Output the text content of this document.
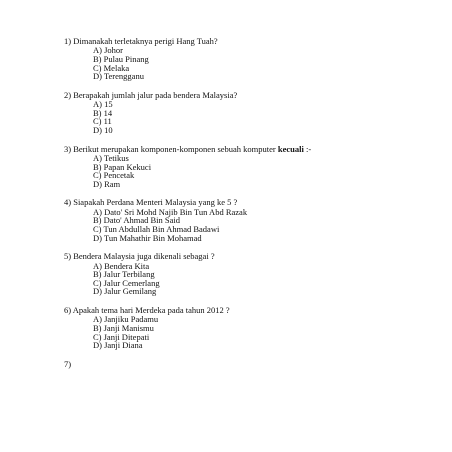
1) Dimanakah terletaknya perigi Hang Tuah?
A) Johor
B) Pulau Pinang
C) Melaka
D) Terengganu
2) Berapakah jumlah jalur pada bendera Malaysia?
A) 15
B) 14
C) 11
D) 10
3) Berikut merupakan komponen-komponen sebuah komputer kecuali :-
A) Tetikus
B) Papan Kekuci
C) Pencetak
D) Ram
4) Siapakah Perdana Menteri Malaysia yang ke 5 ?
A) Dato' Sri Mohd Najib Bin Tun Abd Razak
B) Dato' Ahmad Bin Said
C) Tun Abdullah Bin Ahmad Badawi
D) Tun Mahathir Bin Mohamad
5) Bendera Malaysia juga dikenali sebagai ?
A) Bendera Kita
B) Jalur Terbilang
C) Jalur Cemerlang
D) Jalur Gemilang
6) Apakah tema hari Merdeka pada tahun 2012 ?
A) Janjiku Padamu
B) Janji Manismu
C) Janji Ditepati
D) Janji Diana
7)
